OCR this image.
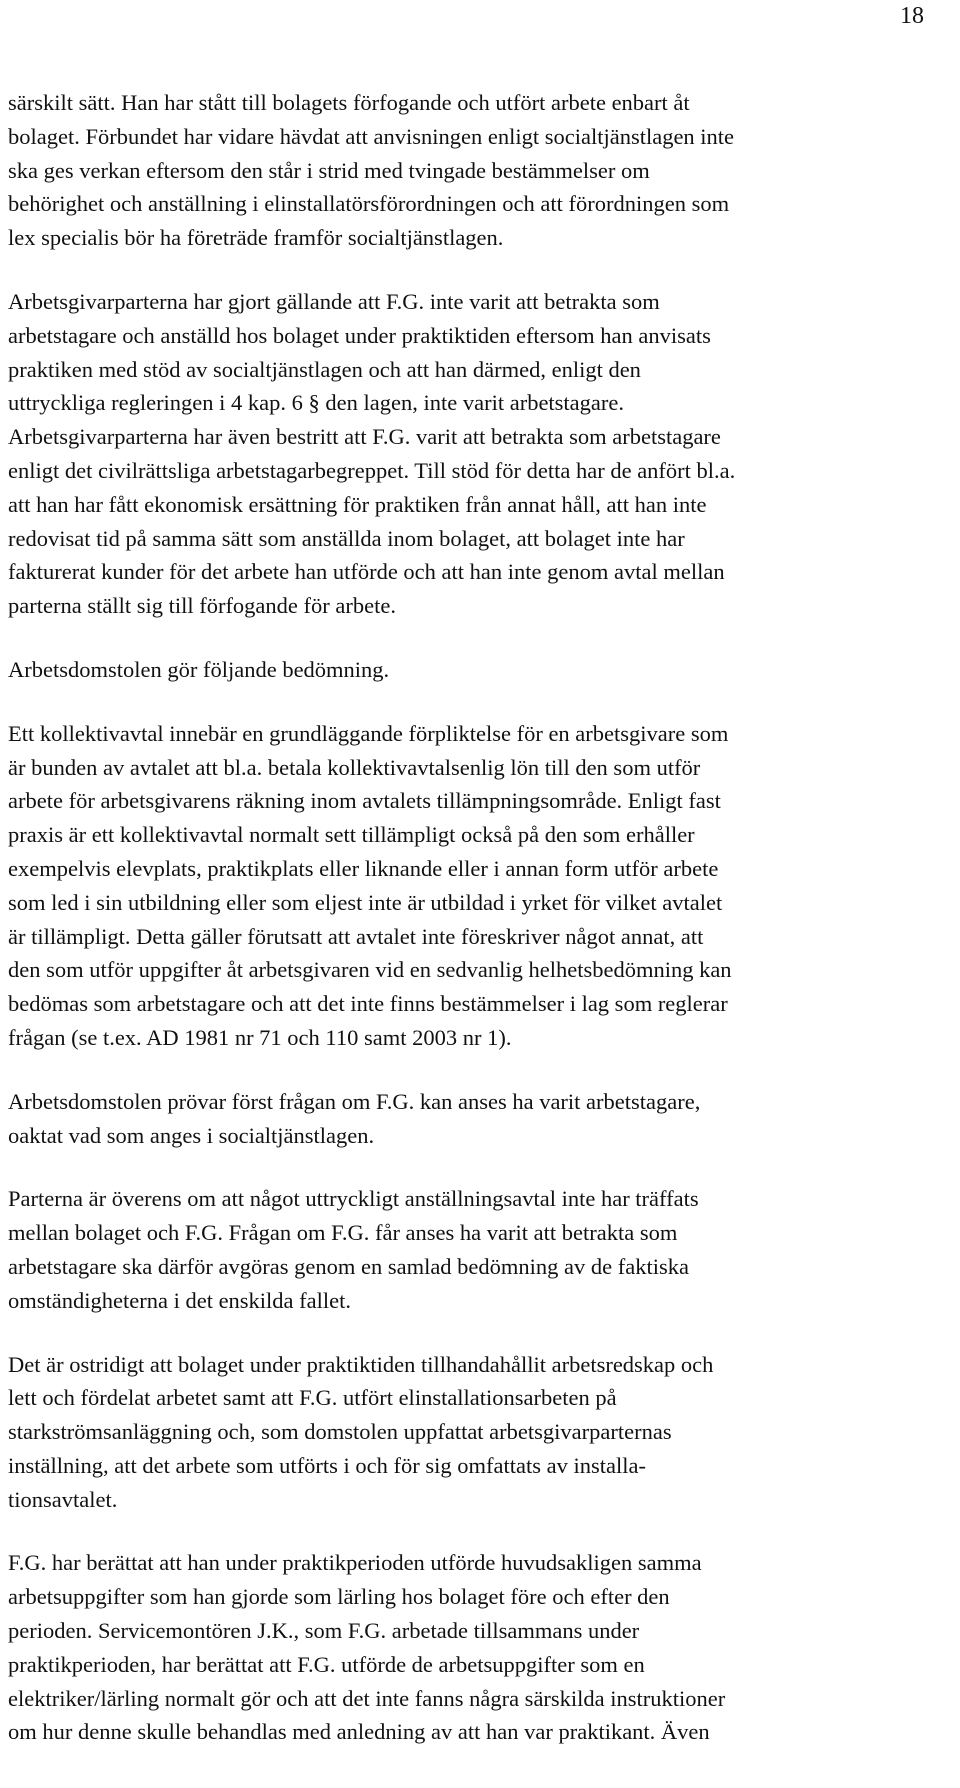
18

särskilt sätt. Han har stått till bolagets förfogande och utfört arbete enbart åt
bolaget. Förbundet har vidare hävdat att anvisningen enligt socialtjänstlagen inte
ska ges verkan eftersom den står i strid med tvingade bestämmelser om
behörighet och anställning i elinstallatörsförordningen och att förordningen som
lex specialis bör ha företräde framför socialtjänstlagen.

Arbetsgivarparterna har gjort gällande att F.G. inte varit att betrakta som
arbetstagare och anställd hos bolaget under praktiktiden eftersom han anvisats
praktiken med stöd av socialtjänstlagen och att han därmed, enligt den
uttryckliga regleringen i 4 kap. 6 § den lagen, inte varit arbetstagare.
Arbetsgivarparterna har även bestritt att F.G. varit att betrakta som arbetstagare
enligt det civilrättsliga arbetstagarbegreppet. Till stöd för detta har de anfört bl.a.
att han har fått ekonomisk ersättning för praktiken från annat håll, att han inte
redovisat tid på samma sätt som anställda inom bolaget, att bolaget inte har
fakturerat kunder för det arbete han utförde och att han inte genom avtal mellan
parterna ställt sig till förfogande för arbete.

Arbetsdomstolen gör följande bedömning.

Ett kollektivavtal innebär en grundläggande förpliktelse för en arbetsgivare som
är bunden av avtalet att bl.a. betala kollektivavtalsenlig lön till den som utför
arbete för arbetsgivarens räkning inom avtalets tillämpningsområde. Enligt fast
praxis är ett kollektivavtal normalt sett tillämpligt också på den som erhåller
exempelvis elevplats, praktikplats eller liknande eller i annan form utför arbete
som led i sin utbildning eller som eljest inte är utbildad i yrket för vilket avtalet
är tillämpligt. Detta gäller förutsatt att avtalet inte föreskriver något annat, att
den som utför uppgifter åt arbetsgivaren vid en sedvanlig helhetsbedömning kan
bedömas som arbetstagare och att det inte finns bestämmelser i lag som reglerar
frågan (se t.ex. AD 1981 nr 71 och 110 samt 2003 nr 1).

Arbetsdomstolen prövar först frågan om F.G. kan anses ha varit arbetstagare,
oaktat vad som anges i socialtjänstlagen.

Parterna är överens om att något uttryckligt anställningsavtal inte har träffats
mellan bolaget och F.G. Frågan om F.G. får anses ha varit att betrakta som
arbetstagare ska därför avgöras genom en samlad bedömning av de faktiska
omständigheterna i det enskilda fallet.

Det är ostridigt att bolaget under praktiktiden tillhandahållit arbetsredskap och
lett och fördelat arbetet samt att F.G. utfört elinstallationsarbeten på
starkströmsanläggning och, som domstolen uppfattat arbetsgivarparternas
inställning, att det arbete som utförts i och för sig omfattats av installa-
tionsavtalet.

F.G. har berättat att han under praktikperioden utförde huvudsakligen samma
arbetsuppgifter som han gjorde som lärling hos bolaget före och efter den
perioden. Servicemontören J.K., som F.G. arbetade tillsammans under
praktikperioden, har berättat att F.G. utförde de arbetsuppgifter som en
elektriker/lärling normalt gör och att det inte fanns några särskilda instruktioner
om hur denne skulle behandlas med anledning av att han var praktikant. Även
